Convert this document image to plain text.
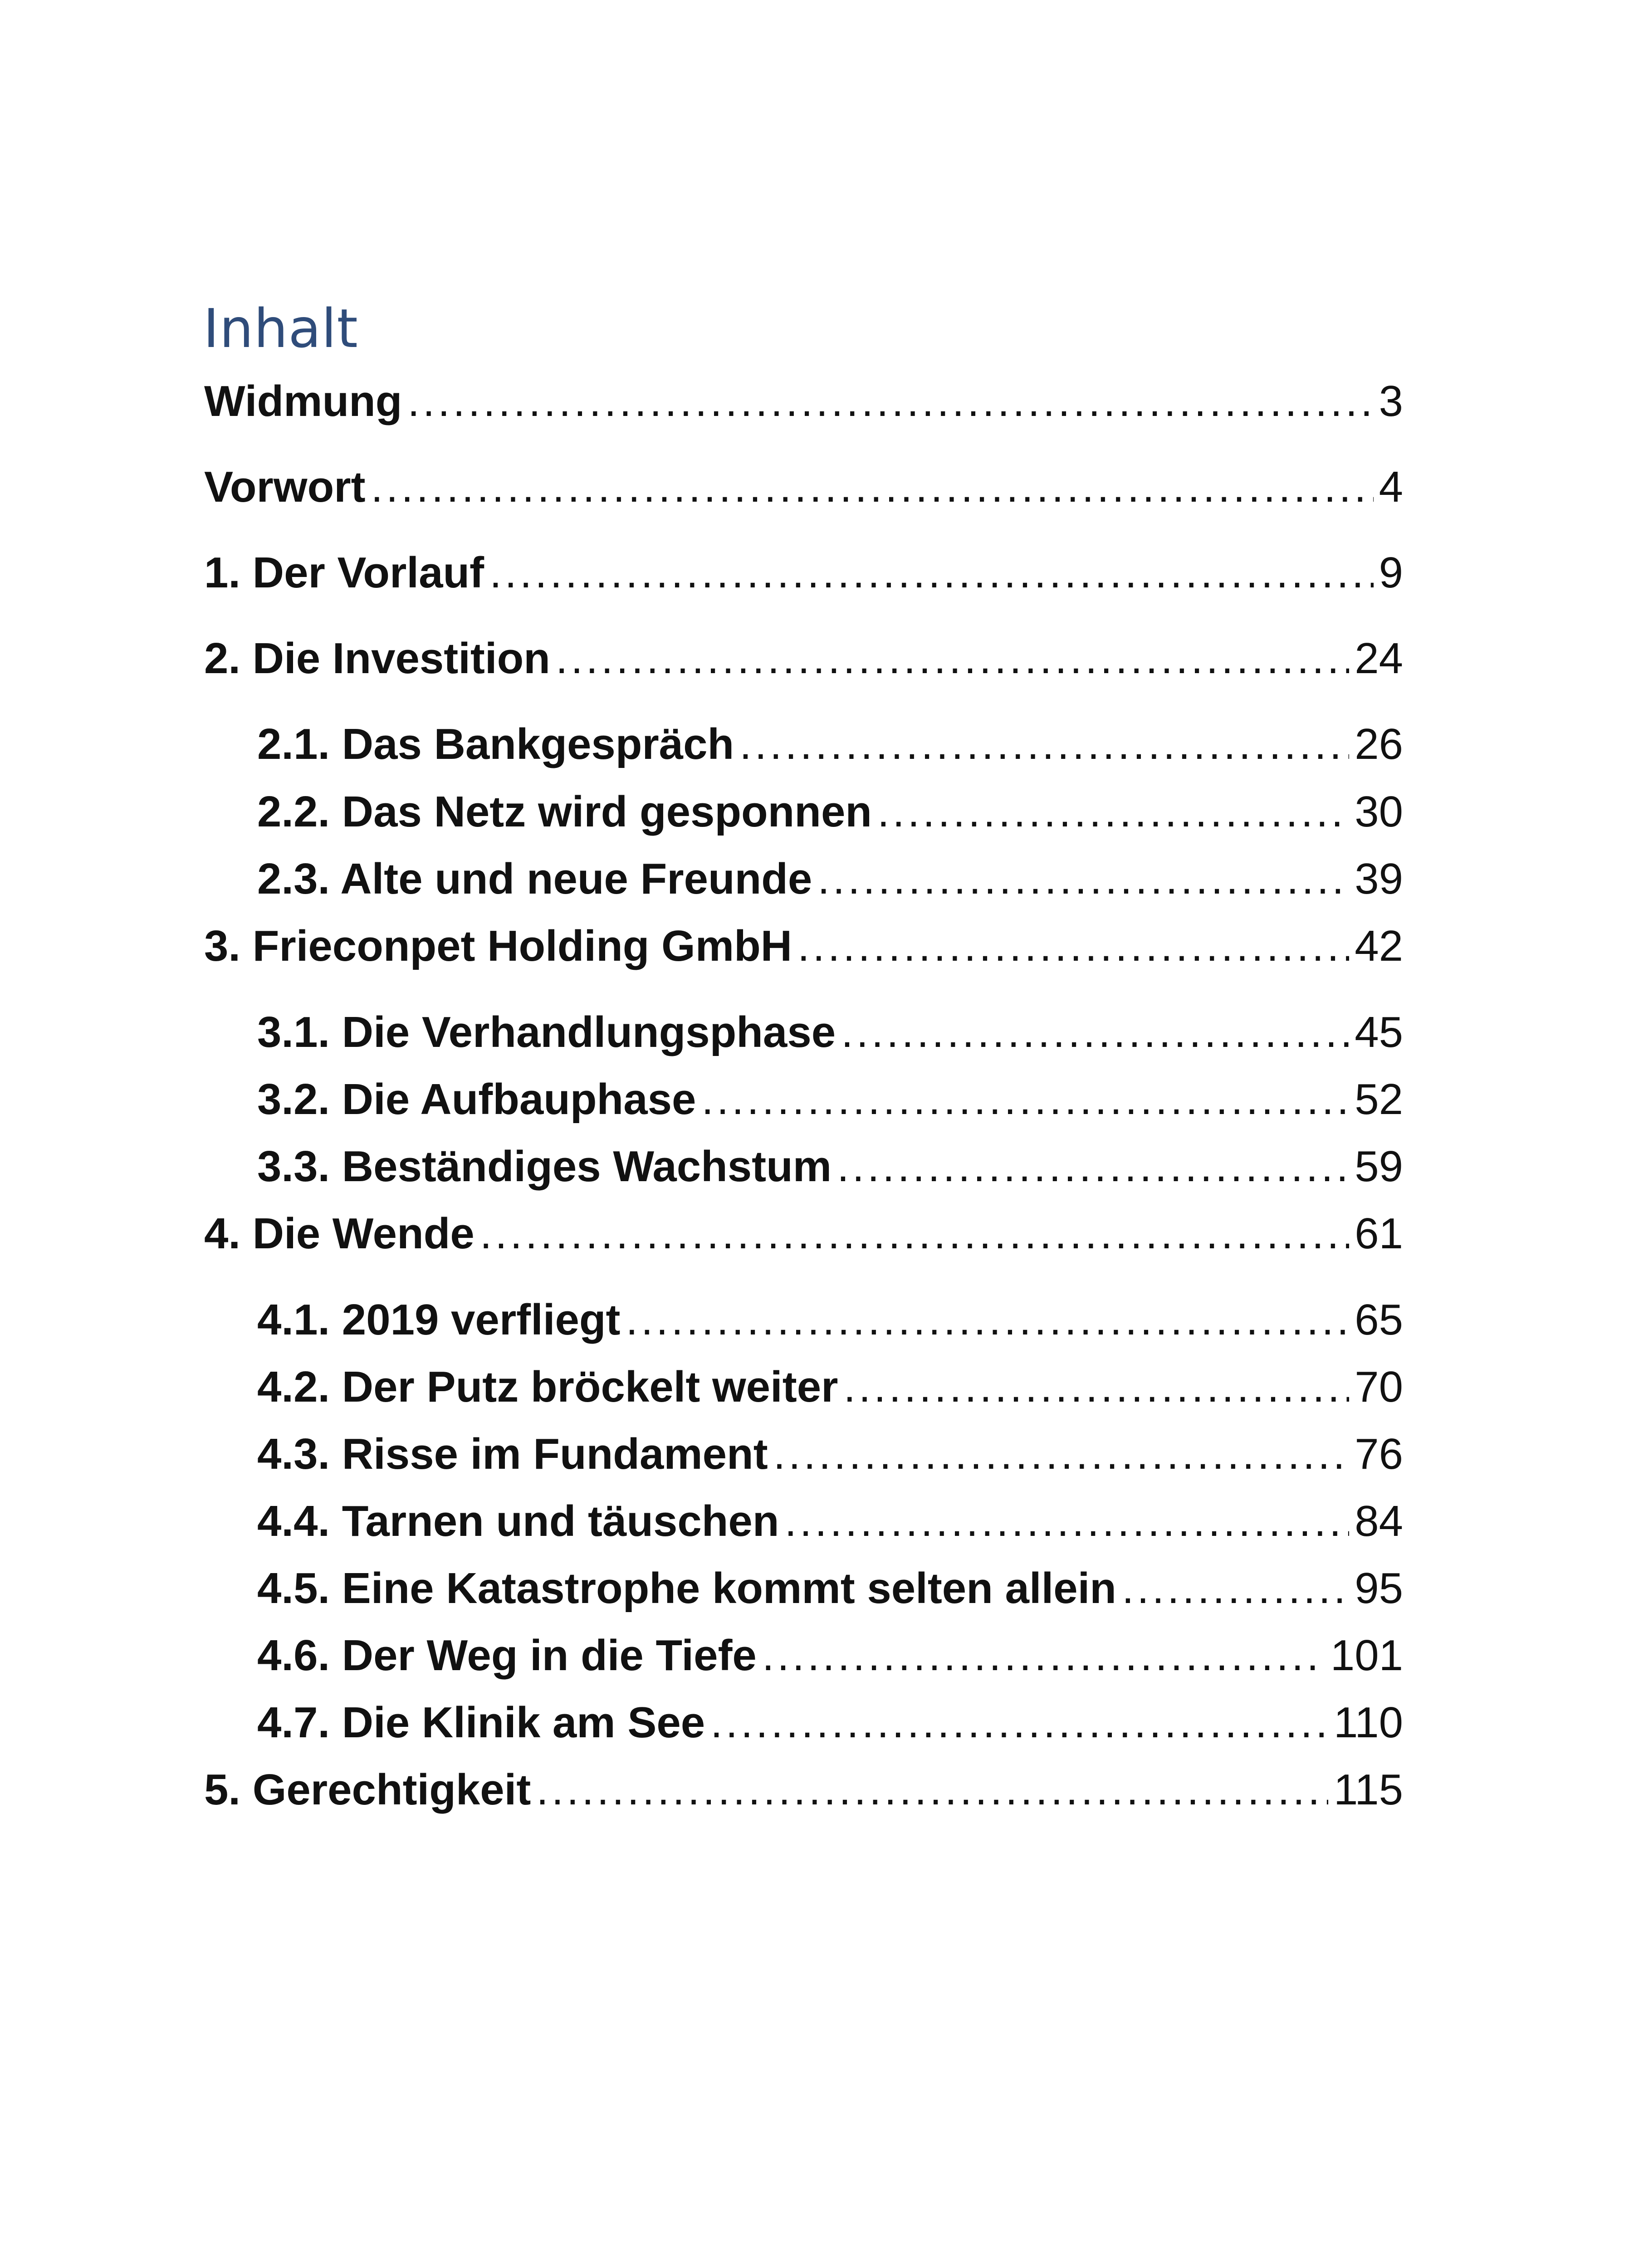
Inhalt
Widmung . . .	3
Vorwort . . .	4
1. Der Vorlauf . . .	9
2. Die Investition . . .	24
2.1. Das Bankgespräch . . .	26
2.2. Das Netz wird gesponnen . . .	30
2.3. Alte und neue Freunde . . .	39
3. Frieconpet Holding GmbH . . .	42
3.1. Die Verhandlungsphase . . .	45
3.2. Die Aufbauphase . . .	52
3.3. Beständiges Wachstum . . .	59
4. Die Wende . . .	61
4.1. 2019 verfliegt . . .	65
4.2. Der Putz bröckelt weiter . . .	70
4.3. Risse im Fundament . . .	76
4.4. Tarnen und täuschen . . .	84
4.5. Eine Katastrophe kommt selten allein . . .	95
4.6. Der Weg in die Tiefe . . .	101
4.7. Die Klinik am See . . .	110
5. Gerechtigkeit . . .	115
